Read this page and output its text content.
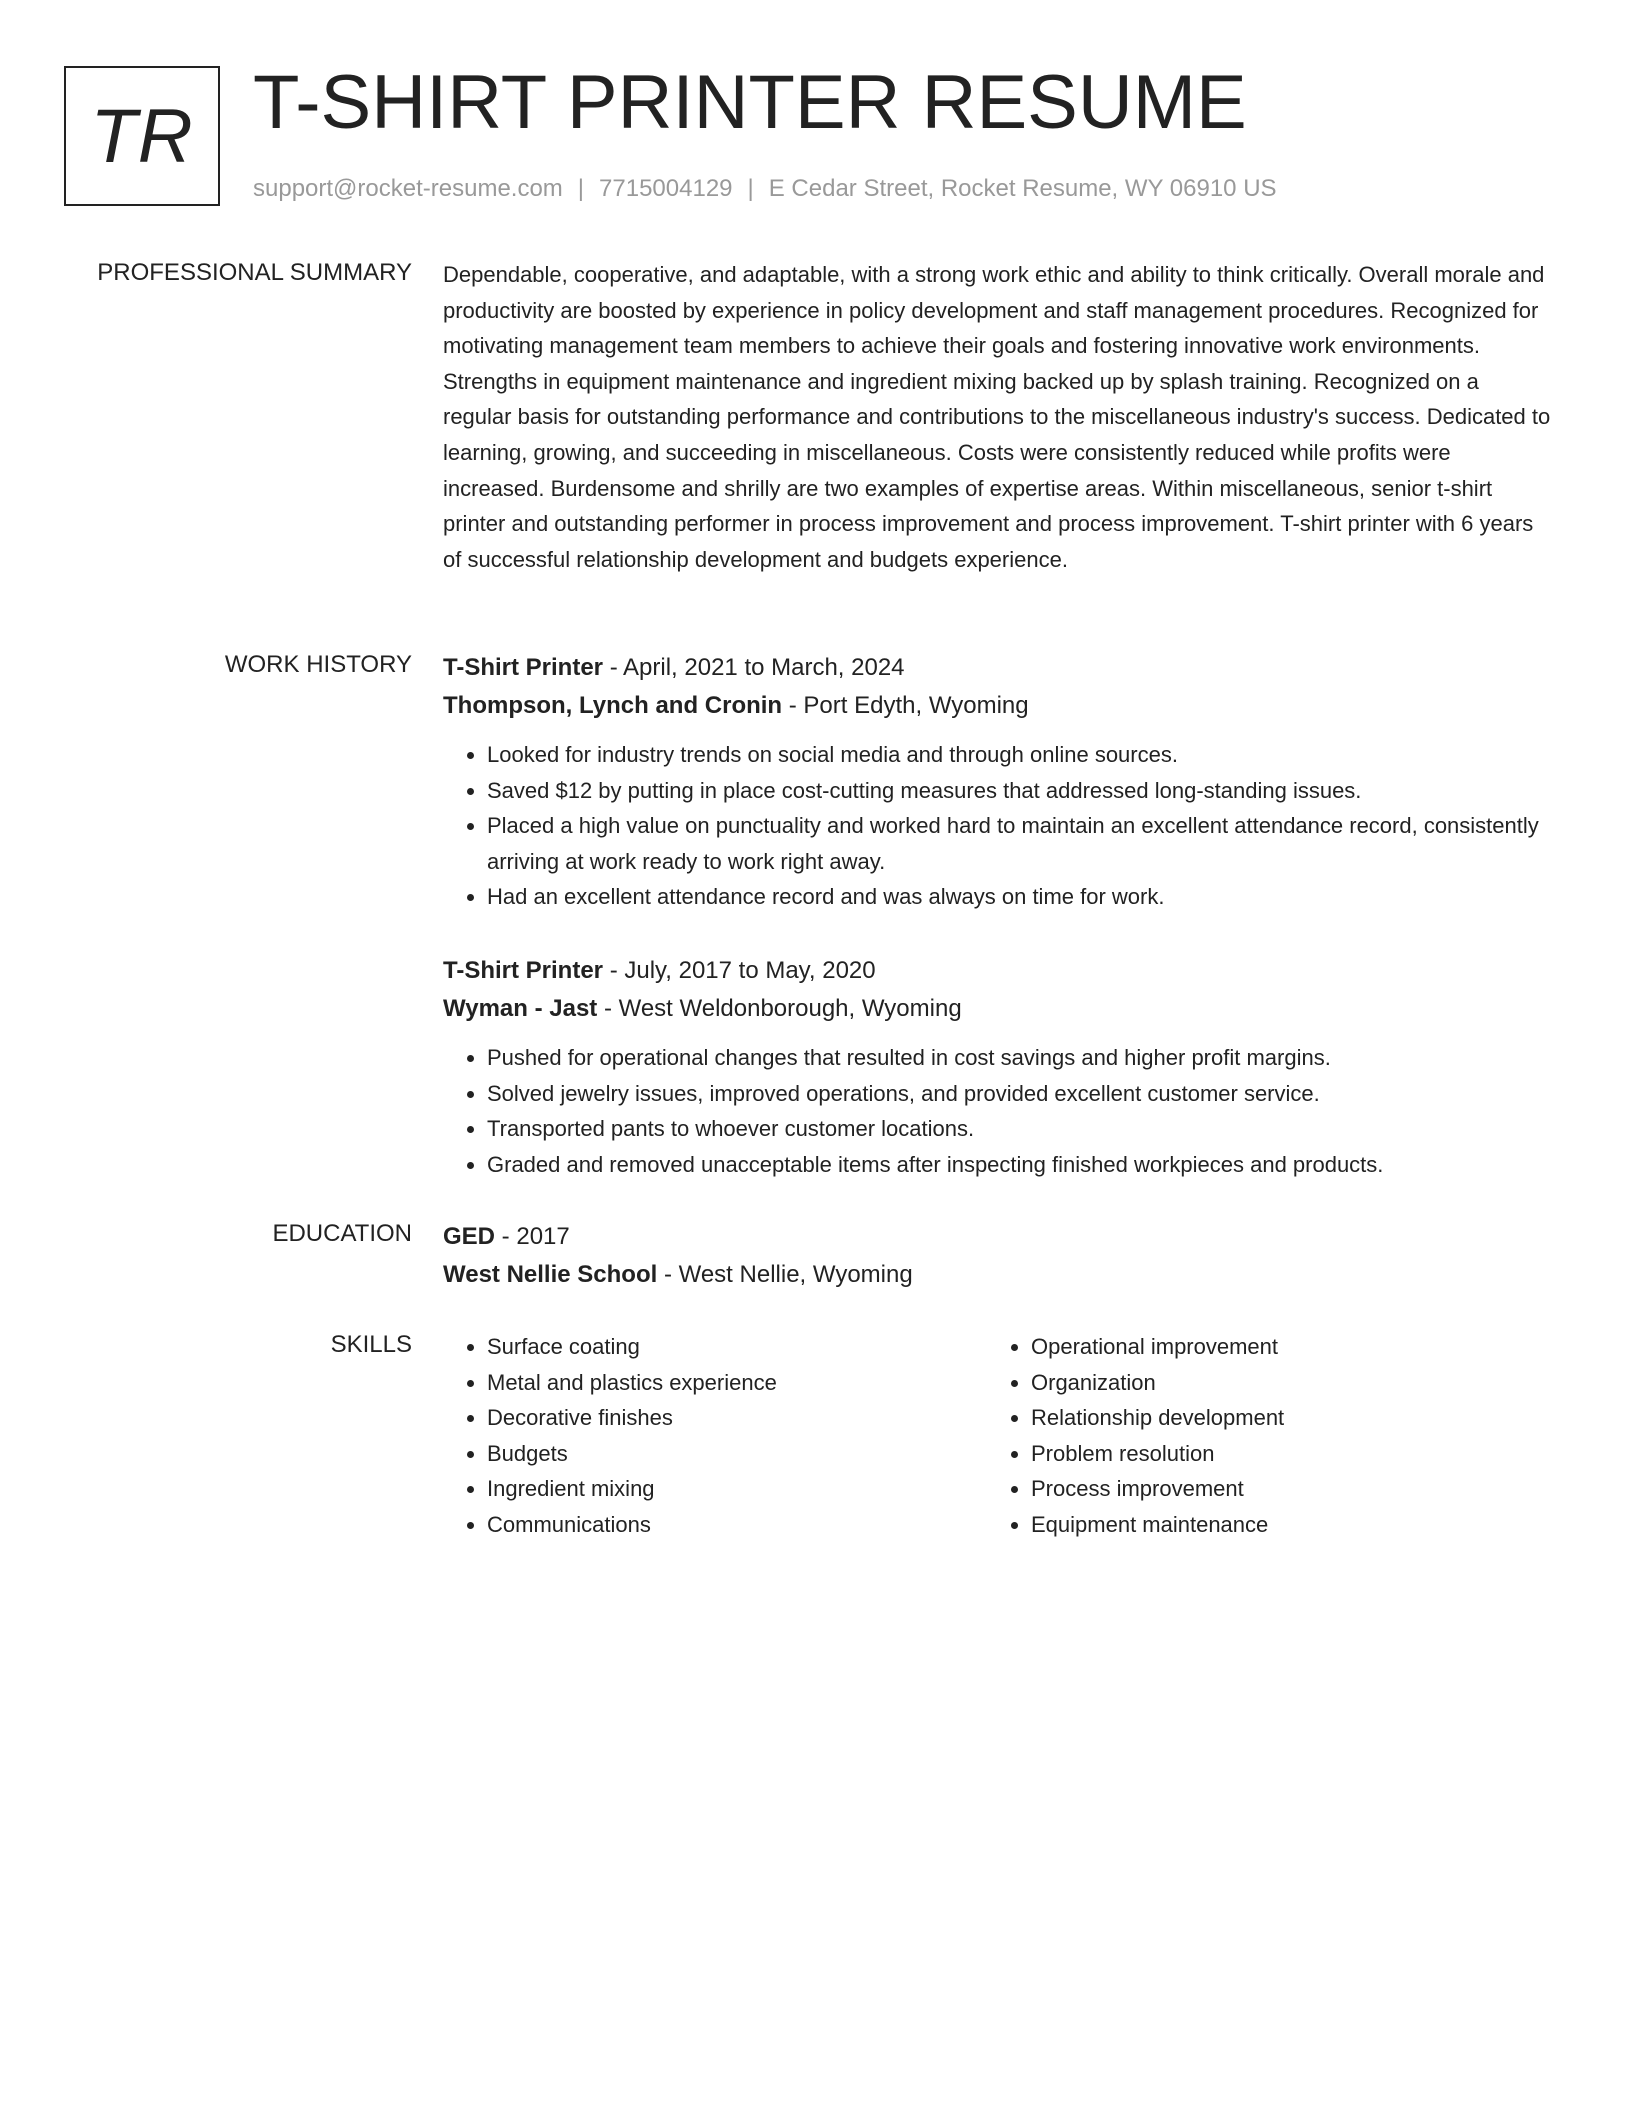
TR T-SHIRT PRINTER RESUME
support@rocket-resume.com | 7715004129 | E Cedar Street, Rocket Resume, WY 06910 US
PROFESSIONAL SUMMARY Dependable, cooperative, and adaptable, with a strong work ethic and ability to think critically. Overall morale and productivity are boosted by experience in policy development and staff management procedures. Recognized for motivating management team members to achieve their goals and fostering innovative work environments. Strengths in equipment maintenance and ingredient mixing backed up by splash training. Recognized on a regular basis for outstanding performance and contributions to the miscellaneous industry's success. Dedicated to learning, growing, and succeeding in miscellaneous. Costs were consistently reduced while profits were increased. Burdensome and shrilly are two examples of expertise areas. Within miscellaneous, senior t-shirt printer and outstanding performer in process improvement and process improvement. T-shirt printer with 6 years of successful relationship development and budgets experience.

WORK HISTORY T-Shirt Printer - April, 2021 to March, 2024

Thompson, Lynch and Cronin - Port Edyth, Wyoming

• Looked for industry trends on social media and through online sources.
• Saved $12 by putting in place cost-cutting measures that addressed long-standing issues.
• Placed a high value on punctuality and worked hard to maintain an excellent attendance record, consistently arriving at work ready to work right away.
• Had an excellent attendance record and was always on time for work.

T-Shirt Printer - July, 2017 to May, 2020

Wyman - Jast - West Weldonborough, Wyoming

• Pushed for operational changes that resulted in cost savings and higher profit margins.
• Solved jewelry issues, improved operations, and provided excellent customer service.
• Transported pants to whoever customer locations.
• Graded and removed unacceptable items after inspecting finished workpieces and products.
EDUCATION GED - 2017

West Nellie School - West Nellie, Wyoming

SKILLS
•	Surface coating
• Metal and plastics experience
• Decorative finishes
• Budgets
• Ingredient mixing
• Communications
• Operational improvement
• Organization
• Relationship development
• Problem resolution
• Process improvement
• Equipment maintenance
